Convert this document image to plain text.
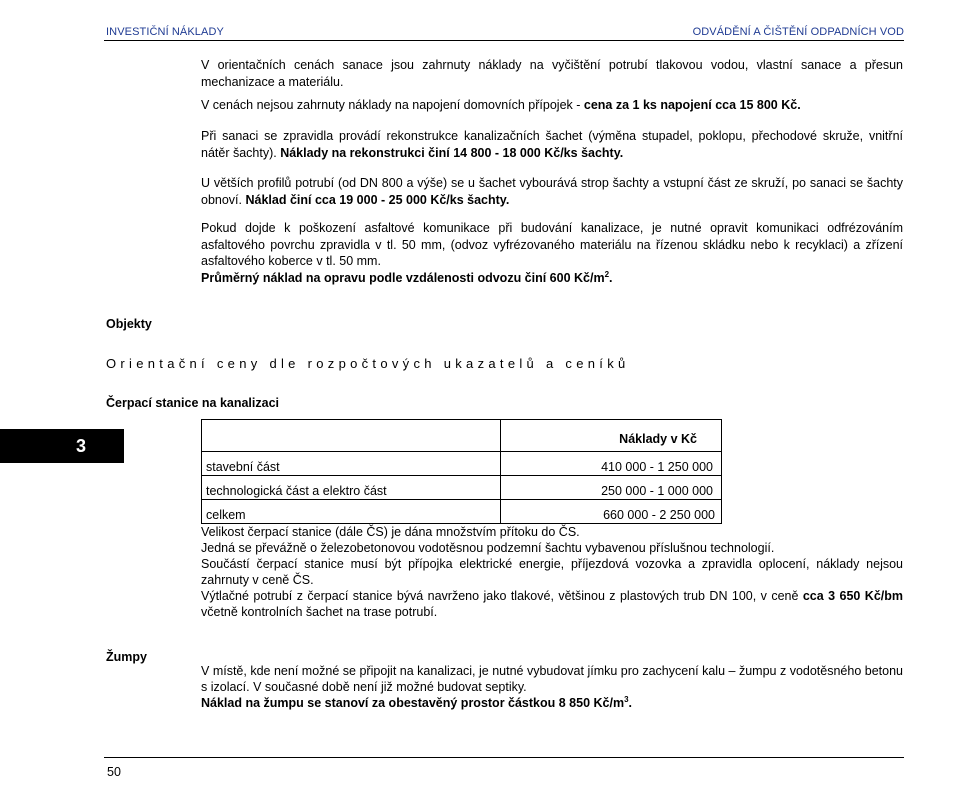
INVESTIČNÍ NÁKLADY	ODVÁDĚNÍ A ČIŠTĚNÍ ODPADNÍCH VOD

V orientačních cenách sanace jsou zahrnuty náklady na vyčištění potrubí tlakovou vodou, vlastní sanace a přesun mechanizace a materiálu.

V cenách nejsou zahrnuty náklady na napojení domovních přípojek - cena za 1 ks napojení cca 15 800 Kč.

Při sanaci se zpravidla provádí rekonstrukce kanalizačních šachet (výměna stupadel, poklopu, přechodové skruže, vnitřní nátěr šachty). Náklady na rekonstrukci činí 14 800 - 18 000 Kč/ks šachty.

U větších profilů potrubí (od DN 800 a výše) se u šachet vybourává strop šachty a vstupní část ze skruží, po sanaci se šachty obnoví. Náklad činí cca 19 000 - 25 000 Kč/ks šachty.

Pokud dojde k poškození asfaltové komunikace při budování kanalizace, je nutné opravit komunikaci odfrézováním asfaltového povrchu zpravidla v tl. 50 mm, (odvoz vyfrézovaného materiálu na řízenou skládku nebo k recyklaci) a zřízení asfaltového koberce v tl. 50 mm.
Průměrný náklad na opravu podle vzdálenosti odvozu činí 600 $Kč/m^2$.

Objekty
Orientační ceny dle rozpočtových ukazatelů a ceníků
Čerpací stanice na kanalizaci
3
		Náklady v Kč
stavební část	410 000 - 1 250 000
technologická část a elektro část	250 000 - 1 000 000
celkem	660 000 - 2 250 000
Velikost čerpací stanice (dále ČS) je dána množstvím přítoku do ČS.
Jedná se převážně o železobetonovou vodotěsnou podzemní šachtu vybavenou příslušnou technologií.
Součástí čerpací stanice musí být přípojka elektrické energie, příjezdová vozovka a zpravidla oplocení, náklady nejsou zahrnuty v ceně ČS.
Výtlačné potrubí z čerpací stanice bývá navrženo jako tlakové, většinou z plastových trub DN 100, v ceně cca 3 650 Kč/bm včetně kontrolních šachet na trase potrubí.
Žumpy
V místě, kde není možné se připojit na kanalizaci, je nutné vybudovat jímku pro zachycení kalu – žumpu z vodotěsného betonu s izolací. V současné době není již možné budovat septiky.
Náklad na žumpu se stanoví za obestavěný prostor částkou 8 850 $Kč/m^3$.
50
